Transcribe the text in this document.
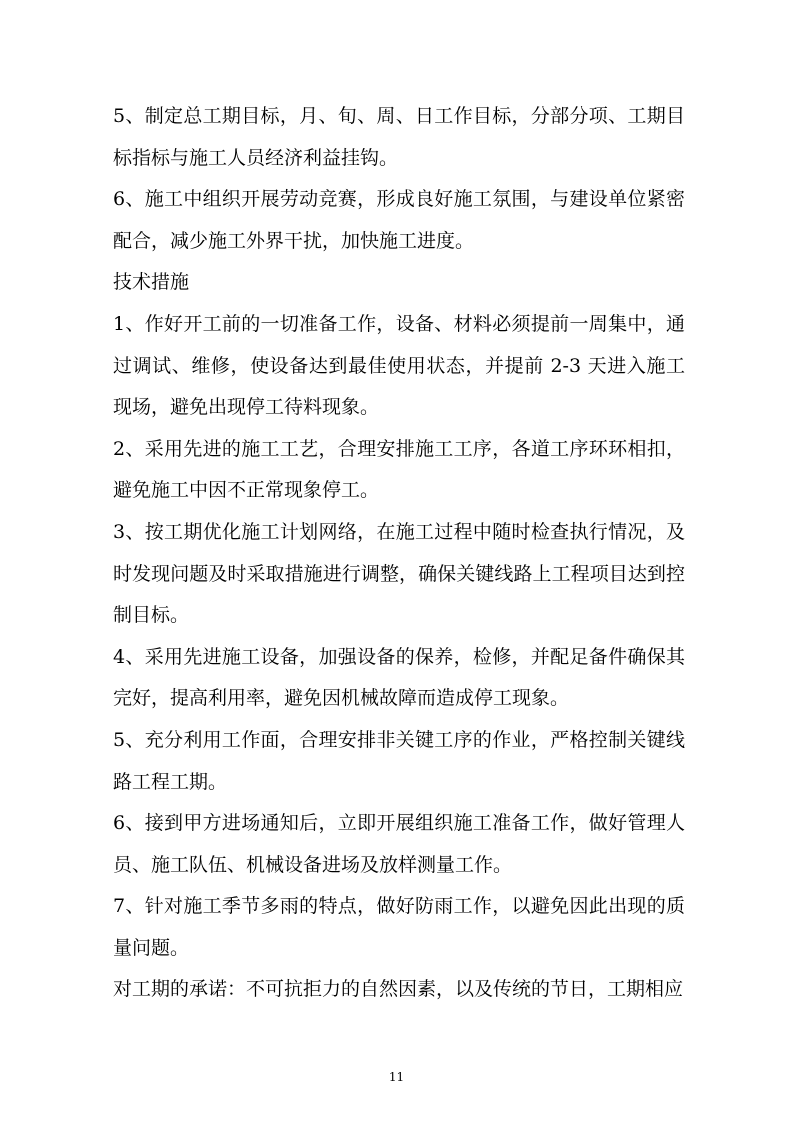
5、制定总工期目标，月、旬、周、日工作目标，分部分项、工期目标指标与施工人员经济利益挂钩。

6、施工中组织开展劳动竞赛，形成良好施工氛围，与建设单位紧密配合，减少施工外界干扰，加快施工进度。

技术措施

1、作好开工前的一切准备工作，设备、材料必须提前一周集中，通过调试、维修，使设备达到最佳使用状态，并提前 2-3 天进入施工现场，避免出现停工待料现象。

2、采用先进的施工工艺，合理安排施工工序，各道工序环环相扣，避免施工中因不正常现象停工。

3、按工期优化施工计划网络，在施工过程中随时检查执行情况，及时发现问题及时采取措施进行调整，确保关键线路上工程项目达到控制目标。

4、采用先进施工设备，加强设备的保养，检修，并配足备件确保其完好，提高利用率，避免因机械故障而造成停工现象。

5、充分利用工作面，合理安排非关键工序的作业，严格控制关键线路工程工期。

6、接到甲方进场通知后，立即开展组织施工准备工作，做好管理人员、施工队伍、机械设备进场及放样测量工作。

7、针对施工季节多雨的特点，做好防雨工作，以避免因此出现的质量问题。

对工期的承诺：不可抗拒力的自然因素，以及传统的节日，工期相应

11
